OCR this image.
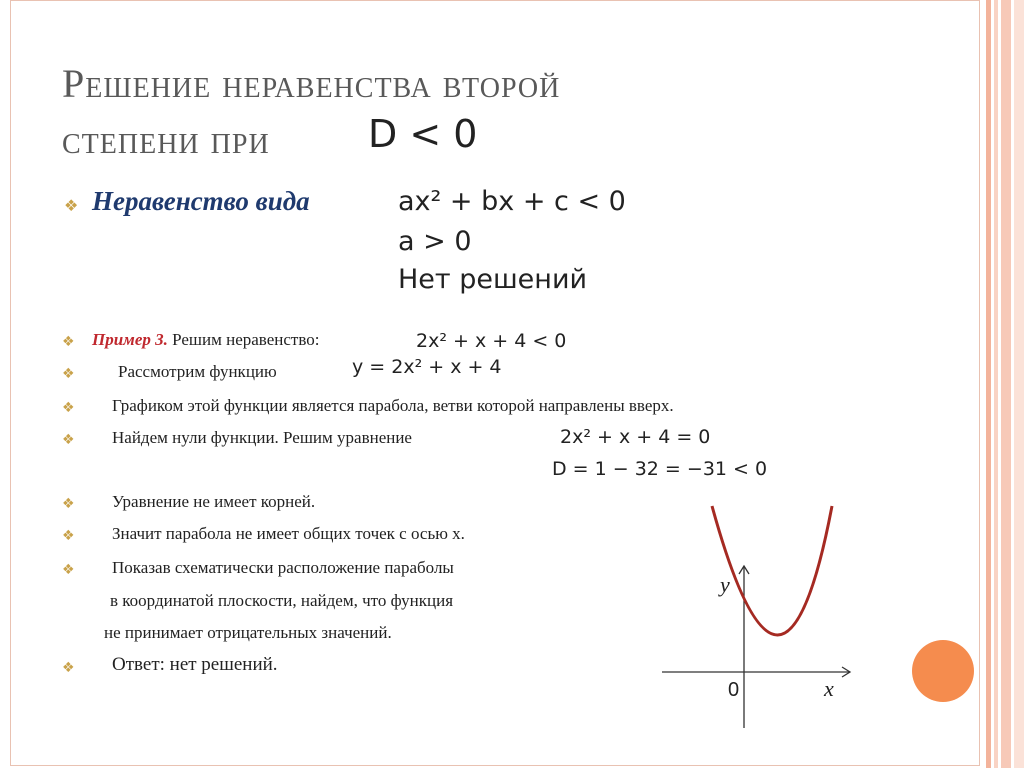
Решение неравенства второй
степени при	D < 0
❖ Неравенство вида	ax² + bx + c < 0
a > 0
Нет решений
❖ Пример 3. Решим неравенство:	2x² + x + 4 < 0
❖	Рассмотрим функцию	y = 2x² + x + 4
❖ Графиком этой функции является парабола, ветви которой направлены вверх.
❖ Найдем нули функции. Решим уравнение	2x² + x + 4 = 0
D = 1 − 32 = −31 < 0
❖ Уравнение не имеет корней.
❖ Значит парабола не имеет общих точек с осью x.
❖ Показав схематически расположение параболы
в координатой плоскости, найдем, что функция
не принимает отрицательных значений.
❖ Ответ: нет решений.
y
x
0
